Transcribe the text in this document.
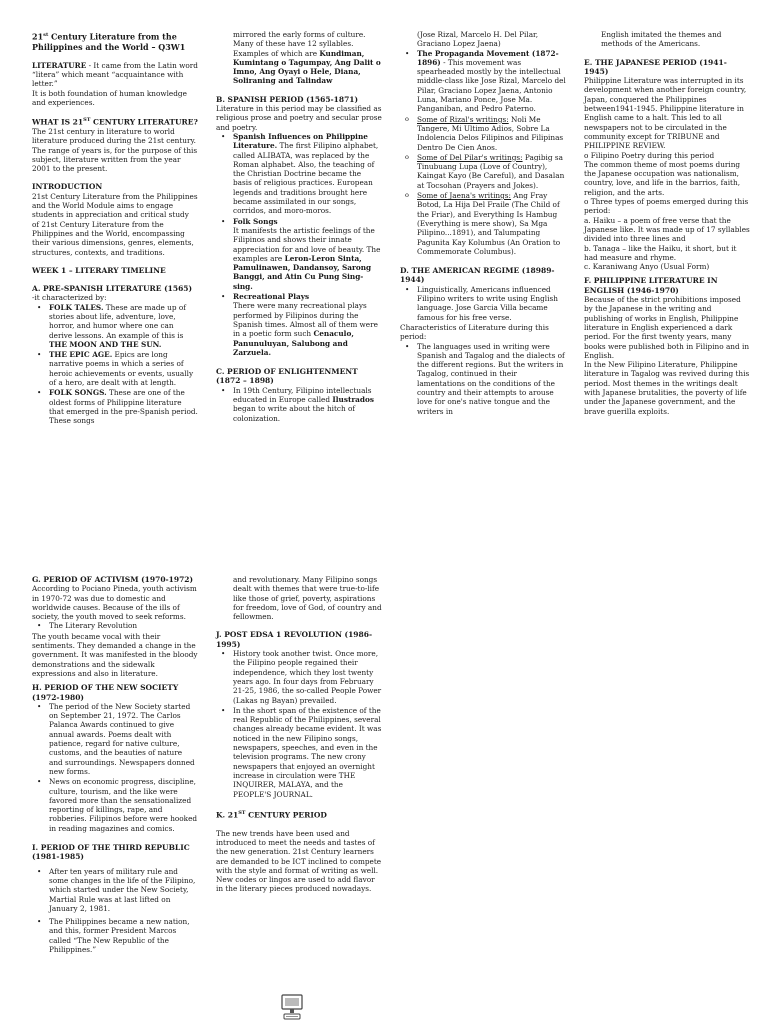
21st Century Literature from the Philippines and the World – Q3W1

LITERATURE - It came from the Latin word “litera” which meant “acquaintance with letter.”

It is both foundation of human knowledge and experiences.

WHAT IS 21ST CENTURY LITERATURE?

The 21st century in literature to world literature produced during the 21st century. The range of years is, for the purpose of this subject, literature written from the year 2001 to the present.

INTRODUCTION

21st Century Literature from the Philippines and the World Module aims to engage students in appreciation and critical study of 21st Century Literature from the Philippines and the World, encompassing their various dimensions, genres, elements, structures, contexts, and traditions.

WEEK 1 – LITERARY TIMELINE
A. PRE-SPANISH LITERATURE (1565)

-it characterized by:

• FOLK TALES. These are made up of stories about life, adventure, love, horror, and humor where one can derive lessons. An example of this is THE MOON AND THE SUN.
• THE EPIC AGE. Epics are long narrative poems in which a series of heroic achievements or events, usually of a hero, are dealt with at length.
• FOLK SONGS. These are one of the oldest forms of Philippine literature that emerged in the pre-Spanish period. These songs

mirrored the early forms of culture. Many of these have 12 syllables. Examples of which are Kundiman, Kumintang o Tagumpay, Ang Dalit o Imno, Ang Oyayi o Hele, Diana, Soliraning and Talindaw

B. SPANISH PERIOD (1565-1871)

Literature in this period may be classified as religious prose and poetry and secular prose and poetry.

• Spanish Influences on Philippine Literature. The first Filipino alphabet, called ALIBATA, was replaced by the Roman alphabet. Also, the teaching of the Christian Doctrine became the basis of religious practices. European legends and traditions brought here became assimilated in our songs, corridos, and moro-moros.
• Folk Songs
It manifests the artistic feelings of the Filipinos and shows their innate appreciation for and love of beauty. The examples are Leron-Leron Sinta, Pamulinawen, Dandansoy, Sarong Banggi, and Atin Cu Pung Sing-sing.
• Recreational Plays
There were many recreational plays performed by Filipinos during the Spanish times. Almost all of them were in a poetic form such Cenaculo, Panunuluyan, Salubong and Zarzuela.
C. PERIOD OF ENLIGHTENMENT (1872 – 1898)
• In 19th Century, Filipino intellectuals educated in Europe called Ilustrados began to write about the hitch of colonization.

(Jose Rizal, Marcelo H. Del Pilar, Graciano Lopez Jaena)

• The Propaganda Movement (1872-1896) - This movement was spearheaded mostly by the intellectual middle-class like Jose Rizal, Marcelo del Pilar, Graciano Lopez Jaena, Antonio Luna, Mariano Ponce, Jose Ma. Panganiban, and Pedro Paterno.
o Some of Rizal's writings: Noli Me Tangere, Mi Ultimo Adios, Sobre La Indolencia Delos Filipinos and Filipinas Dentro De Cien Anos.
o Some of Del Pilar's writings: Pagibig sa Tinubuang Lupa (Love of Country), Kaingat Kayo (Be Careful), and Dasalan at Tocsohan (Prayers and Jokes).
o Some of Jaena's writings: Ang Fray Botod, La Hija Del Fraile (The Child of the Friar), and Everything Is Hambug (Everything is mere show), Sa Mga Pilipino...1891), and Talumpating Pagunita Kay Kolumbus (An Oration to Commemorate Columbus).
D. THE AMERICAN REGIME (18989-1944)
• Linguistically, Americans influenced Filipino writers to write using English language. Jose Garcia Villa became famous for his free verse.

Characteristics of Literature during this period:

• The languages used in writing were Spanish and Tagalog and the dialects of the different regions. But the writers in Tagalog, continued in their lamentations on the conditions of the country and their attempts to arouse love for one's native tongue and the writers in

English imitated the themes and methods of the Americans.

E. THE JAPANESE PERIOD (1941-1945)

Philippine Literature was interrupted in its development when another foreign country, Japan, conquered the Philippines between1941-1945. Philippine literature in English came to a halt. This led to all newspapers not to be circulated in the community except for TRIBUNE and PHILIPPINE REVIEW.

o Filipino Poetry during this period

The common theme of most poems during the Japanese occupation was nationalism, country, love, and life in the barrios, faith, religion, and the arts.

o Three types of poems emerged during this period:

a. Haiku – a poem of free verse that the Japanese like. It was made up of 17 syllables divided into three lines and

b. Tanaga – like the Haiku, it short, but it had measure and rhyme.

c. Karaniwang Anyo (Usual Form)

F. PHILIPPINE LITERATURE IN ENGLISH (1946-1970)

Because of the strict prohibitions imposed by the Japanese in the writing and publishing of works in English, Philippine literature in English experienced a dark period. For the first twenty years, many books were published both in Filipino and in English.

In the New Filipino Literature, Philippine literature in Tagalog was revived during this period. Most themes in the writings dealt with Japanese brutalities, the poverty of life under the Japanese government, and the brave guerilla exploits.

G. PERIOD OF ACTIVISM (1970-1972)

According to Pociano Pineda, youth activism in 1970-72 was due to domestic and worldwide causes. Because of the ills of society, the youth moved to seek reforms.

• The Literary Revolution

The youth became vocal with their sentiments. They demanded a change in the government. It was manifested in the bloody demonstrations and the sidewalk expressions and also in literature.

H. PERIOD OF THE NEW SOCIETY (1972-1980)
• The period of the New Society started on September 21, 1972. The Carlos Palanca Awards continued to give annual awards. Poems dealt with patience, regard for native culture, customs, and the beauties of nature and surroundings. Newspapers donned new forms.
• News on economic progress, discipline, culture, tourism, and the like were favored more than the sensationalized reporting of killings, rape, and robberies. Filipinos before were hooked in reading magazines and comics.
I. PERIOD OF THE THIRD REPUBLIC (1981-1985)
• After ten years of military rule and some changes in the life of the Filipino, which started under the New Society, Martial Rule was at last lifted on January 2, 1981.
• The Philippines became a new nation, and this, former President Marcos called “The New Republic of the Philippines.”

and revolutionary. Many Filipino songs dealt with themes that were true-to-life like those of grief, poverty, aspirations for freedom, love of God, of country and fellowmen.

J. POST EDSA 1 REVOLUTION (1986-1995)
• History took another twist. Once more, the Filipino people regained their independence, which they lost twenty years ago. In four days from February 21-25, 1986, the so-called People Power (Lakas ng Bayan) prevailed.
• In the short span of the existence of the real Republic of the Philippines, several changes already became evident. It was noticed in the new Filipino songs, newspapers, speeches, and even in the television programs. The new crony newspapers that enjoyed an overnight increase in circulation were THE INQUIRER, MALAYA, and the PEOPLE'S JOURNAL.
K. 21ST CENTURY PERIOD

The new trends have been used and introduced to meet the needs and tastes of the new generation. 21st Century learners are demanded to be ICT inclined to compete with the style and format of writing as well. New codes or lingos are used to add flavor in the literary pieces produced nowadays.
